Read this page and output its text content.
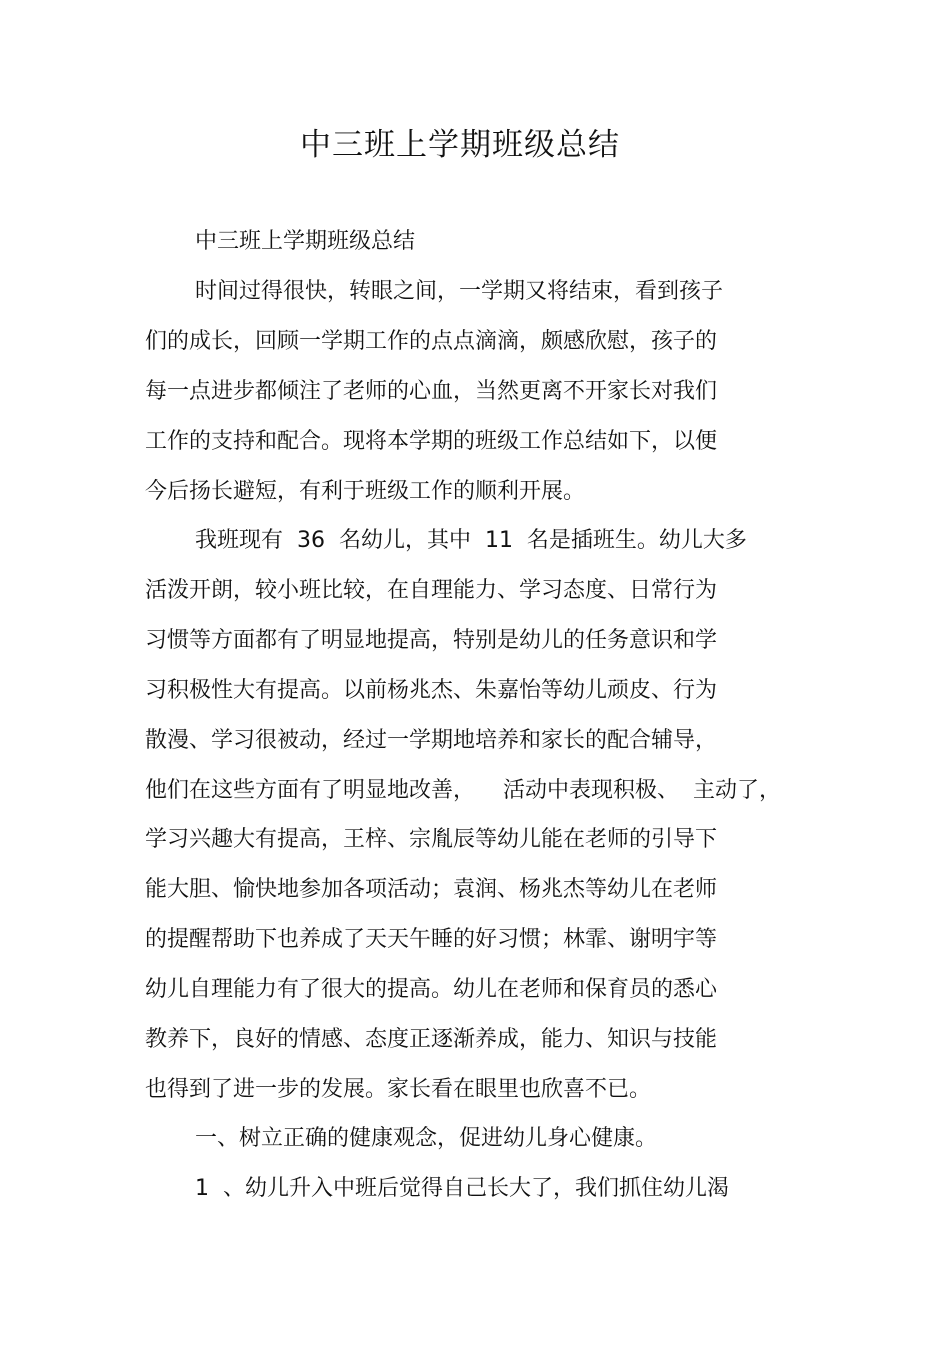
中三班上学期班级总结
中三班上学期班级总结
时间过得很快，转眼之间，一学期又将结束，看到孩子
们的成长，回顾一学期工作的点点滴滴，颇感欣慰，孩子的
每一点进步都倾注了老师的心血，当然更离不开家长对我们
工作的支持和配合。现将本学期的班级工作总结如下，以便
今后扬长避短，有利于班级工作的顺利开展。
我班现有  36  名幼儿，其中  11  名是插班生。幼儿大多
活泼开朗，较小班比较，在自理能力、学习态度、日常行为
习惯等方面都有了明显地提高，特别是幼儿的任务意识和学
习积极性大有提高。以前杨兆杰、朱嘉怡等幼儿顽皮、行为
散漫、学习很被动，经过一学期地培养和家长的配合辅导，
他们在这些方面有了明显地改善，    活动中表现积极、  主动了，
学习兴趣大有提高，王梓、宗胤辰等幼儿能在老师的引导下
能大胆、愉快地参加各项活动；袁润、杨兆杰等幼儿在老师
的提醒帮助下也养成了天天午睡的好习惯；林霏、谢明宇等
幼儿自理能力有了很大的提高。幼儿在老师和保育员的悉心
教养下，良好的情感、态度正逐渐养成，能力、知识与技能
也得到了进一步的发展。家长看在眼里也欣喜不已。
一、树立正确的健康观念，促进幼儿身心健康。
1  、幼儿升入中班后觉得自己长大了，我们抓住幼儿渴
